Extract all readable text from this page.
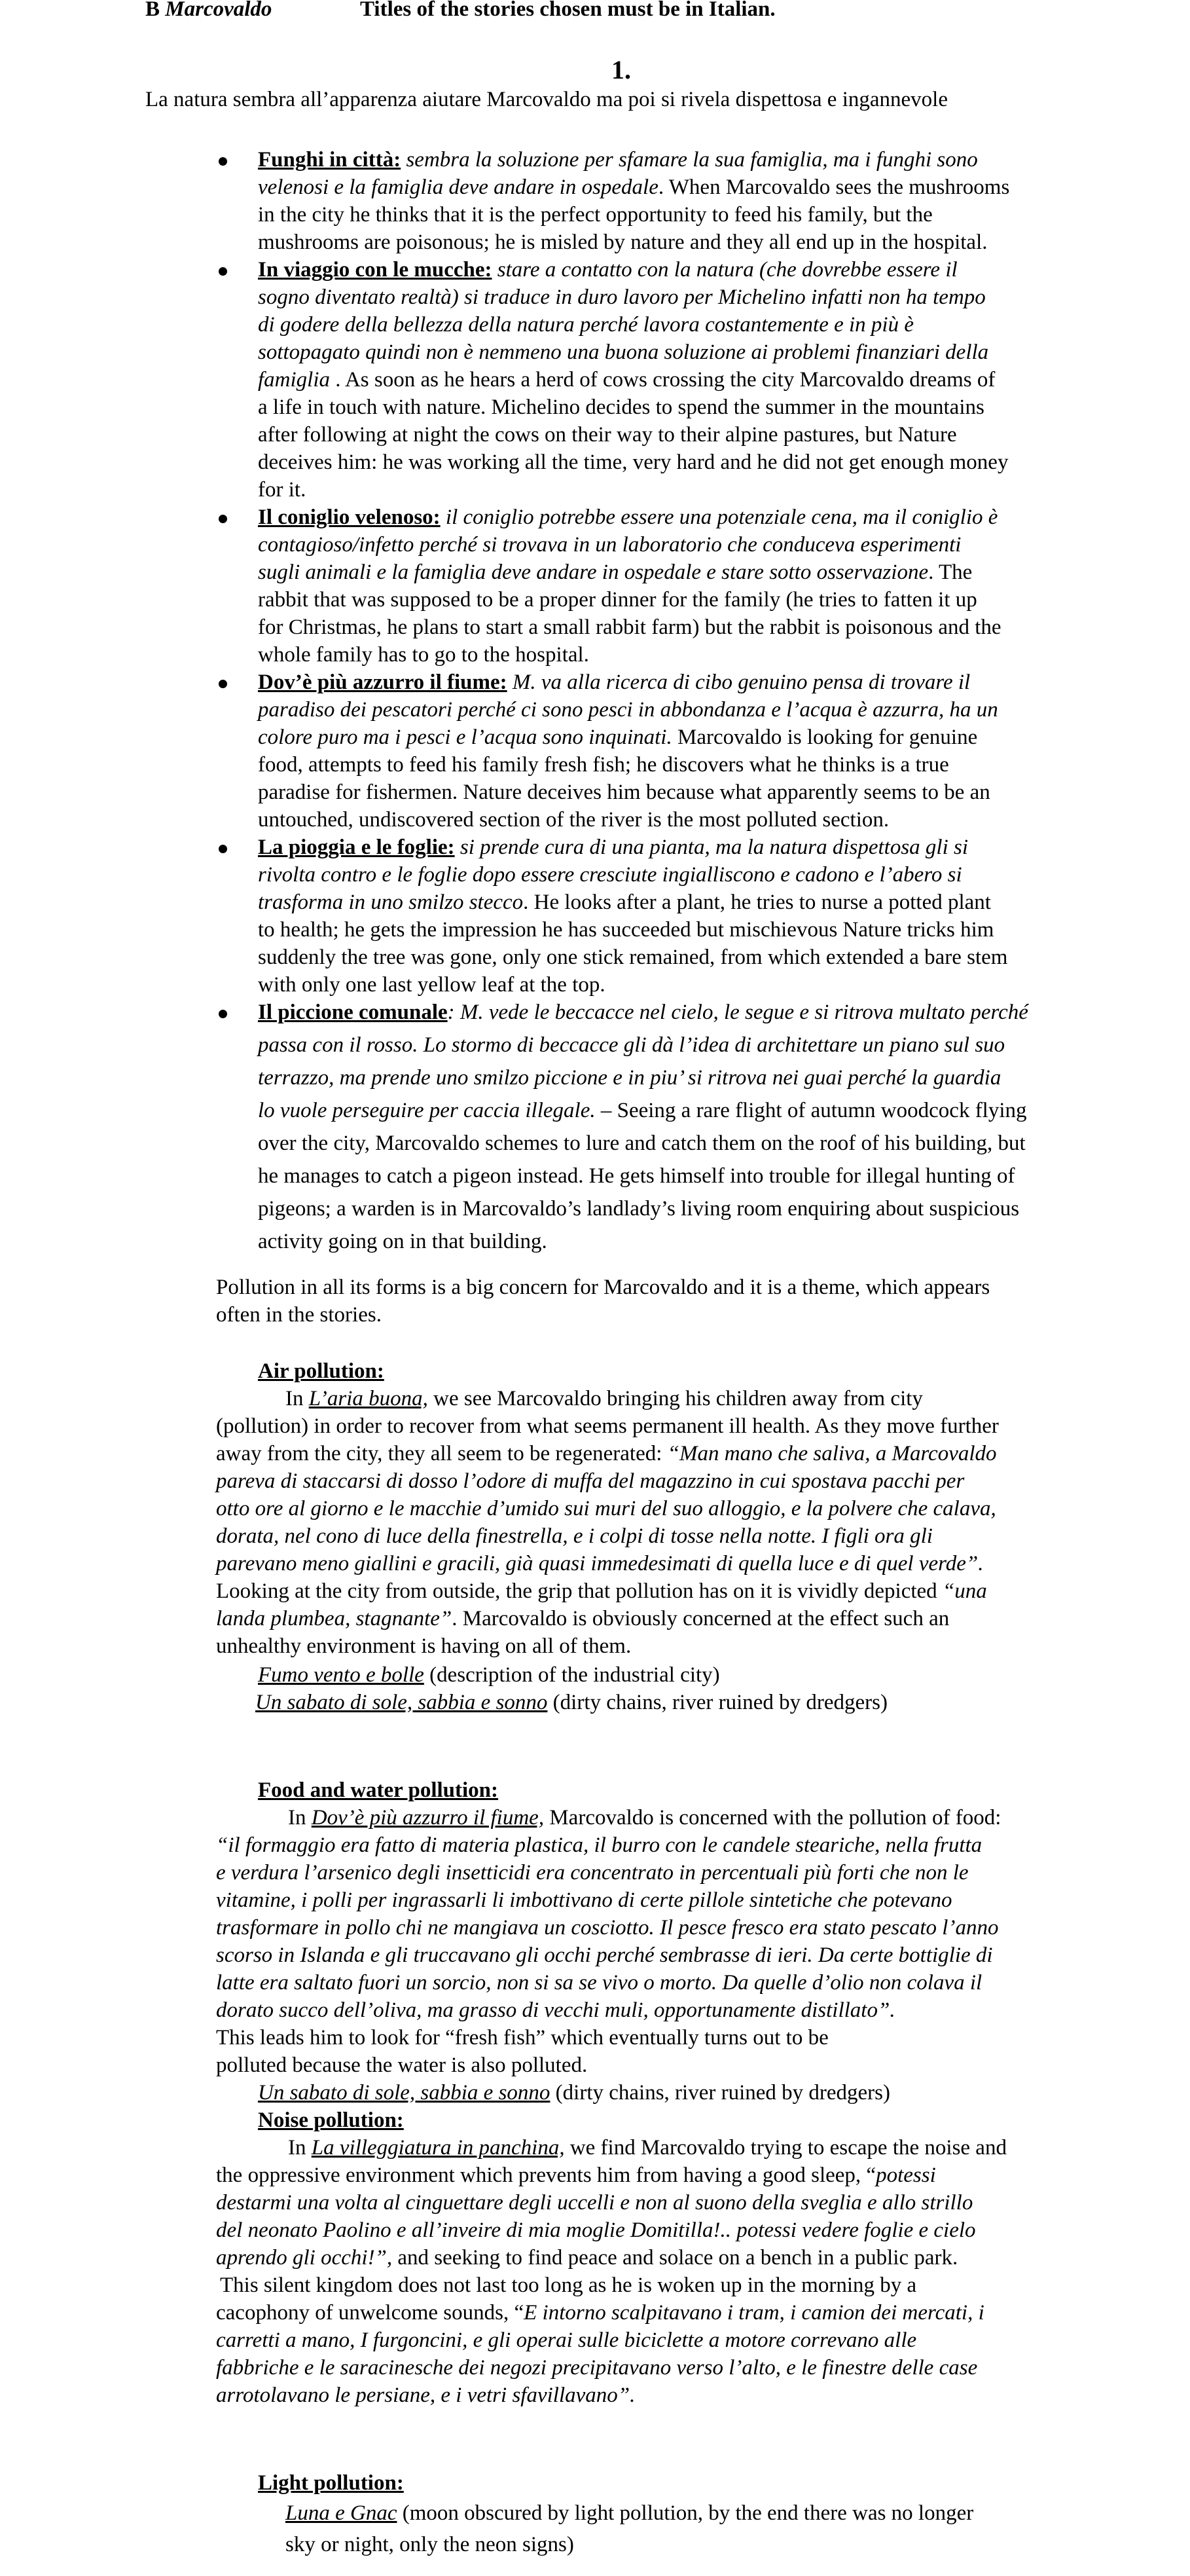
B Marcovaldo	Titles of the stories chosen must be in Italian.
1.
La natura sembra all’apparenza aiutare Marcovaldo ma poi si rivela dispettosa e ingannevole
Funghi in città: sembra la soluzione per sfamare la sua famiglia, ma i funghi sono
velenosi e la famiglia deve andare in ospedale. When Marcovaldo sees the mushrooms
in the city he thinks that it is the perfect opportunity to feed his family, but the
mushrooms are poisonous; he is misled by nature and they all end up in the hospital.
In viaggio con le mucche: stare a contatto con la natura (che dovrebbe essere il
sogno diventato realtà) si traduce in duro lavoro per Michelino infatti non ha tempo
di godere della bellezza della natura perché lavora costantemente e in più è
sottopagato quindi non è nemmeno una buona soluzione ai problemi finanziari della
famiglia . As soon as he hears a herd of cows crossing the city Marcovaldo dreams of
a life in touch with nature. Michelino decides to spend the summer in the mountains
after following at night the cows on their way to their alpine pastures, but Nature
deceives him: he was working all the time, very hard and he did not get enough money
for it.
Il coniglio velenoso: il coniglio potrebbe essere una potenziale cena, ma il coniglio è
contagioso/infetto perché si trovava in un laboratorio che conduceva esperimenti
sugli animali e la famiglia deve andare in ospedale e stare sotto osservazione. The
rabbit that was supposed to be a proper dinner for the family (he tries to fatten it up
for Christmas, he plans to start a small rabbit farm) but the rabbit is poisonous and the
whole family has to go to the hospital.
Dov’è più azzurro il fiume: M. va alla ricerca di cibo genuino pensa di trovare il
paradiso dei pescatori perché ci sono pesci in abbondanza e l’acqua è azzurra, ha un
colore puro ma i pesci e l’acqua sono inquinati. Marcovaldo is looking for genuine
food, attempts to feed his family fresh fish; he discovers what he thinks is a true
paradise for fishermen. Nature deceives him because what apparently seems to be an
untouched, undiscovered section of the river is the most polluted section.
La pioggia e le foglie: si prende cura di una pianta, ma la natura dispettosa gli si
rivolta contro e le foglie dopo essere cresciute ingialliscono e cadono e l’abero si
trasforma in uno smilzo stecco. He looks after a plant, he tries to nurse a potted plant
to health; he gets the impression he has succeeded but mischievous Nature tricks him
suddenly the tree was gone, only one stick remained, from which extended a bare stem
with only one last yellow leaf at the top.
Il piccione comunale: M. vede le beccacce nel cielo, le segue e si ritrova multato perché
passa con il rosso. Lo stormo di beccacce gli dà l’idea di architettare un piano sul suo
terrazzo, ma prende uno smilzo piccione e in piu’ si ritrova nei guai perché la guardia
lo vuole perseguire per caccia illegale. – Seeing a rare flight of autumn woodcock flying
over the city, Marcovaldo schemes to lure and catch them on the roof of his building, but
he manages to catch a pigeon instead. He gets himself into trouble for illegal hunting of
pigeons; a warden is in Marcovaldo’s landlady’s living room enquiring about suspicious
activity going on in that building.
Pollution in all its forms is a big concern for Marcovaldo and it is a theme, which appears
often in the stories.
Air pollution:
In L’aria buona, we see Marcovaldo bringing his children away from city
(pollution) in order to recover from what seems permanent ill health. As they move further
away from the city, they all seem to be regenerated: “Man mano che saliva, a Marcovaldo
pareva di staccarsi di dosso l’odore di muffa del magazzino in cui spostava pacchi per
otto ore al giorno e le macchie d’umido sui muri del suo alloggio, e la polvere che calava,
dorata, nel cono di luce della finestrella, e i colpi di tosse nella notte. I figli ora gli
parevano meno giallini e gracili, già quasi immedesimati di quella luce e di quel verde”.
Looking at the city from outside, the grip that pollution has on it is vividly depicted “una
landa plumbea, stagnante”. Marcovaldo is obviously concerned at the effect such an
unhealthy environment is having on all of them.
Fumo vento e bolle (description of the industrial city)
Un sabato di sole, sabbia e sonno (dirty chains, river ruined by dredgers)
Food and water pollution:
In Dov’è più azzurro il fiume, Marcovaldo is concerned with the pollution of food:
“il formaggio era fatto di materia plastica, il burro con le candele steariche, nella frutta
e verdura l’arsenico degli insetticidi era concentrato in percentuali più forti che non le
vitamine, i polli per ingrassarli li imbottivano di certe pillole sintetiche che potevano
trasformare in pollo chi ne mangiava un cosciotto. Il pesce fresco era stato pescato l’anno
scorso in Islanda e gli truccavano gli occhi perché sembrasse di ieri. Da certe bottiglie di
latte era saltato fuori un sorcio, non si sa se vivo o morto. Da quelle d’olio non colava il
dorato succo dell’oliva, ma grasso di vecchi muli, opportunamente distillato”.
This leads him to look for “fresh fish” which eventually turns out to be
polluted because the water is also polluted.
Un sabato di sole, sabbia e sonno (dirty chains, river ruined by dredgers)
Noise pollution:
In La villeggiatura in panchina, we find Marcovaldo trying to escape the noise and
the oppressive environment which prevents him from having a good sleep, “potessi
destarmi una volta al cinguettare degli uccelli e non al suono della sveglia e allo strillo
del neonato Paolino e all’inveire di mia moglie Domitilla!.. potessi vedere foglie e cielo
aprendo gli occhi!”, and seeking to find peace and solace on a bench in a public park.
This silent kingdom does not last too long as he is woken up in the morning by a
cacophony of unwelcome sounds, “E intorno scalpitavano i tram, i camion dei mercati, i
carretti a mano, I furgoncini, e gli operai sulle biciclette a motore correvano alle
fabbriche e le saracinesche dei negozi precipitavano verso l’alto, e le finestre delle case
arrotolavano le persiane, e i vetri sfavillavano”.
Light pollution:
Luna e Gnac (moon obscured by light pollution, by the end there was no longer
sky or night, only the neon signs)
